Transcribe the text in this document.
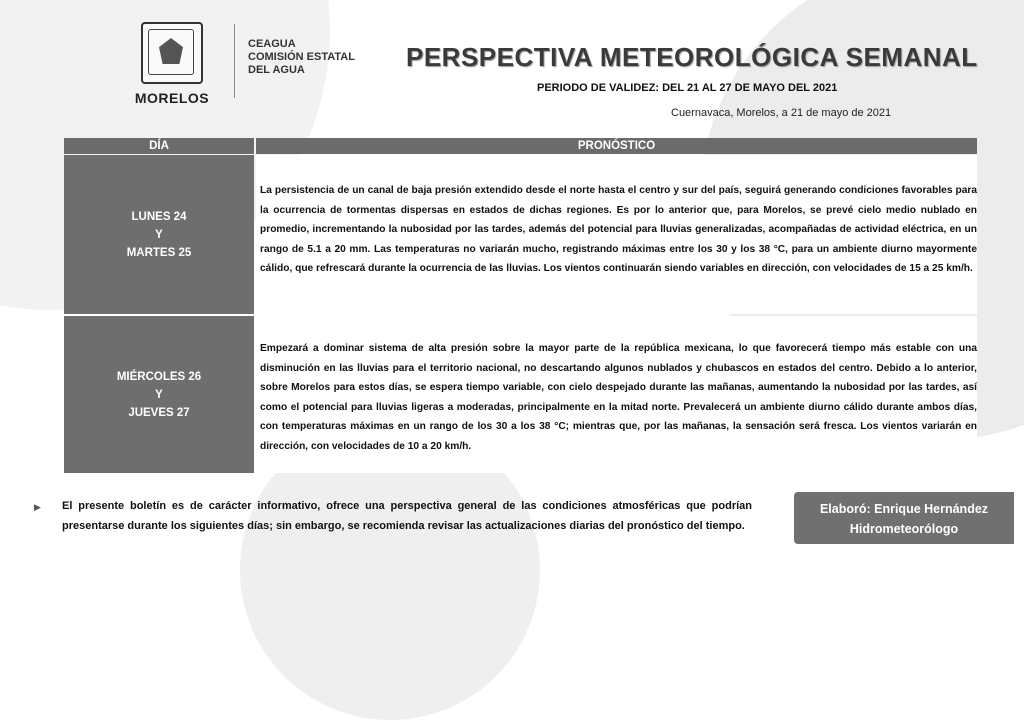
MORELOS
CEAGUA
COMISIÓN ESTATAL
DEL AGUA	PERSPECTIVA METEOROLÓGICA SEMANAL
PERIODO DE VALIDEZ: DEL 21 AL 27 DE MAYO DEL 2021
Cuernavaca, Morelos, a 21 de mayo de 2021
DÍA	PRONÓSTICO
LUNES 24
Y
MARTES 25
La persistencia de un canal de baja presión extendido desde el norte hasta el centro y sur del país, seguirá generando condiciones favorables para la ocurrencia de tormentas dispersas en estados de dichas regiones. Es por lo anterior que, para Morelos, se prevé cielo medio nublado en promedio, incrementando la nubosidad por las tardes, además del potencial para lluvias generalizadas, acompañadas de actividad eléctrica, en un rango de 5.1 a 20 mm. Las temperaturas no variarán mucho, registrando máximas entre los 30 y los 38 °C, para un ambiente diurno mayormente cálido, que refrescará durante la ocurrencia de las lluvias. Los vientos continuarán siendo variables en dirección, con velocidades de 15 a 25 km/h.
MIÉRCOLES 26
Y
JUEVES 27
Empezará a dominar sistema de alta presión sobre la mayor parte de la república mexicana, lo que favorecerá tiempo más estable con una disminución en las lluvias para el territorio nacional, no descartando algunos nublados y chubascos en estados del centro. Debido a lo anterior, sobre Morelos para estos días, se espera tiempo variable, con cielo despejado durante las mañanas, aumentando la nubosidad por las tardes, así como el potencial para lluvias ligeras a moderadas, principalmente en la mitad norte. Prevalecerá un ambiente diurno cálido durante ambos días, con temperaturas máximas en un rango de los 30 a los 38 °C; mientras que, por las mañanas, la sensación será fresca. Los vientos variarán en dirección, con velocidades de 10 a 20 km/h.
▶ El presente boletín es de carácter informativo, ofrece una perspectiva general de las condiciones atmosféricas que podrían presentarse durante los siguientes días; sin embargo, se recomienda revisar las actualizaciones diarias del pronóstico del tiempo.
Elaboró: Enrique Hernández
Hidrometeorólogo
